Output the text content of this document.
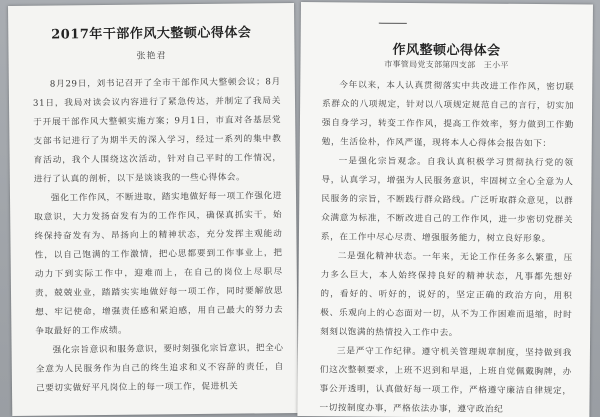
2017年干部作风大整顿心得体会

张艳君

8月29日，刘书记召开了全市干部作风大整顿会议；8月31日，我局对读会议内容进行了紧急传达，并制定了我局关于开展干部作风大整顿实施方案；9月1日，市直对各基层党支部书记进行了为期半天的深入学习，经过一系列的集中教育活动，我个人围绕这次活动，针对自己平时的工作情况，进行了认真的剖析，以下是谈谈我的一些心得体会。

强化工作作风，不断进取，踏实地做好每一项工作强化进取意识，大力发扬奋发有为的工作作风，确保真抓实干，始终保持奋发有为、昂扬向上的精神状态，充分发挥主观能动性，以自己饱满的工作激情，把心思都要到工作事业上，把动力下到实际工作中，迎难而上，在自己的岗位上尽职尽责，兢兢业业，踏踏实实地做好每一项工作，同时要解放思想、牢记使命，增强责任感和紧迫感，用自己最大的努力去争取最好的工作成绩。

强化宗旨意识和服务意识，要时刻强化宗旨意识，把全心全意为人民服务作为自己的终生追求和义不容辞的责任，自己要切实做好平凡岗位上的每一项工作，促进机关

作风整顿心得体会

市事管局党支部第四支部　王小平

今年以来，本人认真贯彻落实中共改进工作作风，密切联系群众的八项规定，针对以八项规定规范自己的言行，切实加强自身学习，转变工作作风，提高工作效率，努力做到工作勤勉，生活俭朴，作风严谨，现将本人心得体会报告如下：

一是强化宗旨观念。自我认真积极学习贯彻执行党的领导，认真学习，增强为人民服务意识，牢固树立全心全意为人民服务的宗旨，不断践行群众路线。广泛听取群众意见，以群众满意为标准，不断改进自己的工作作风，进一步密切党群关系，在工作中尽心尽责、增强服务能力，树立良好形象。

二是强化精神状态。一年来，无论工作任务多么繁重，压力多么巨大，本人始终保持良好的精神状态，凡事都先想好的，看好的、听好的，说好的，坚定正确的政治方向，用积极、乐观向上的心态面对一切，从不为工作困难而退缩，时时刻刻以饱满的热情投入工作中去。

三是严守工作纪律。遵守机关管理规章制度，坚持做到我们这次整顿要求，上班不迟到和早退，上班自觉佩戴胸牌，办事公开透明，认真做好每一项工作，严格遵守廉洁自律规定，一切按制度办事，严格依法办事，遵守政治纪
